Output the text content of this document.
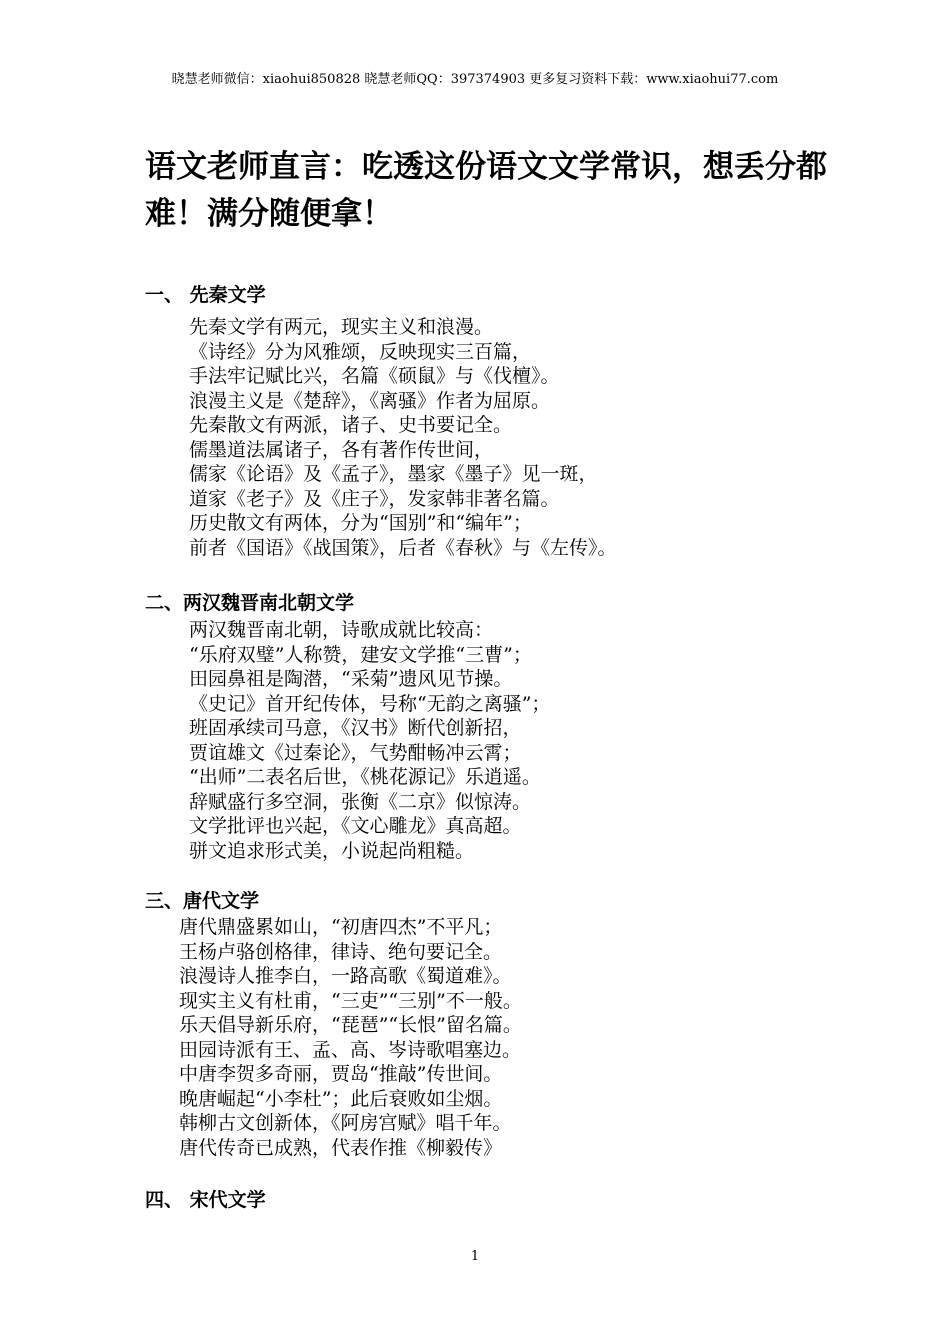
晓慧老师微信：xiaohui850828 晓慧老师QQ：397374903 更多复习资料下载：www.xiaohui77.com
语文老师直言：吃透这份语文文学常识，想丢分都难！满分随便拿！
一、 先秦文学
先秦文学有两元，现实主义和浪漫。
《诗经》分为风雅颂，反映现实三百篇，
手法牢记赋比兴，名篇《硕鼠》与《伐檀》。
浪漫主义是《楚辞》，《离骚》作者为屈原。
先秦散文有两派，诸子、史书要记全。
儒墨道法属诸子，各有著作传世间，
儒家《论语》及《孟子》，墨家《墨子》见一斑，
道家《老子》及《庄子》，发家韩非著名篇。
历史散文有两体，分为“国别”和“编年”；
前者《国语》《战国策》，后者《春秋》与《左传》。
二、两汉魏晋南北朝文学
两汉魏晋南北朝，诗歌成就比较高：
“乐府双璧”人称赞，建安文学推“三曹”；
田园鼻祖是陶潜，“采菊”遗风见节操。
《史记》首开纪传体，号称“无韵之离骚”；
班固承续司马意，《汉书》断代创新招，
贾谊雄文《过秦论》，气势酣畅冲云霄；
“出师”二表名后世，《桃花源记》乐逍遥。
辞赋盛行多空洞，张衡《二京》似惊涛。
文学批评也兴起，《文心雕龙》真高超。
骈文追求形式美，小说起尚粗糙。
三、唐代文学
唐代鼎盛累如山，“初唐四杰”不平凡；
王杨卢骆创格律，律诗、绝句要记全。
浪漫诗人推李白，一路高歌《蜀道难》。
现实主义有杜甫，“三吏”“三别”不一般。
乐天倡导新乐府，“琵琶”“长恨”留名篇。
田园诗派有王、孟、高、岑诗歌唱塞边。
中唐李贺多奇丽，贾岛“推敲”传世间。
晚唐崛起“小李杜”；此后衰败如尘烟。
韩柳古文创新体，《阿房宫赋》唱千年。
唐代传奇已成熟，代表作推《柳毅传》
四、 宋代文学
1
